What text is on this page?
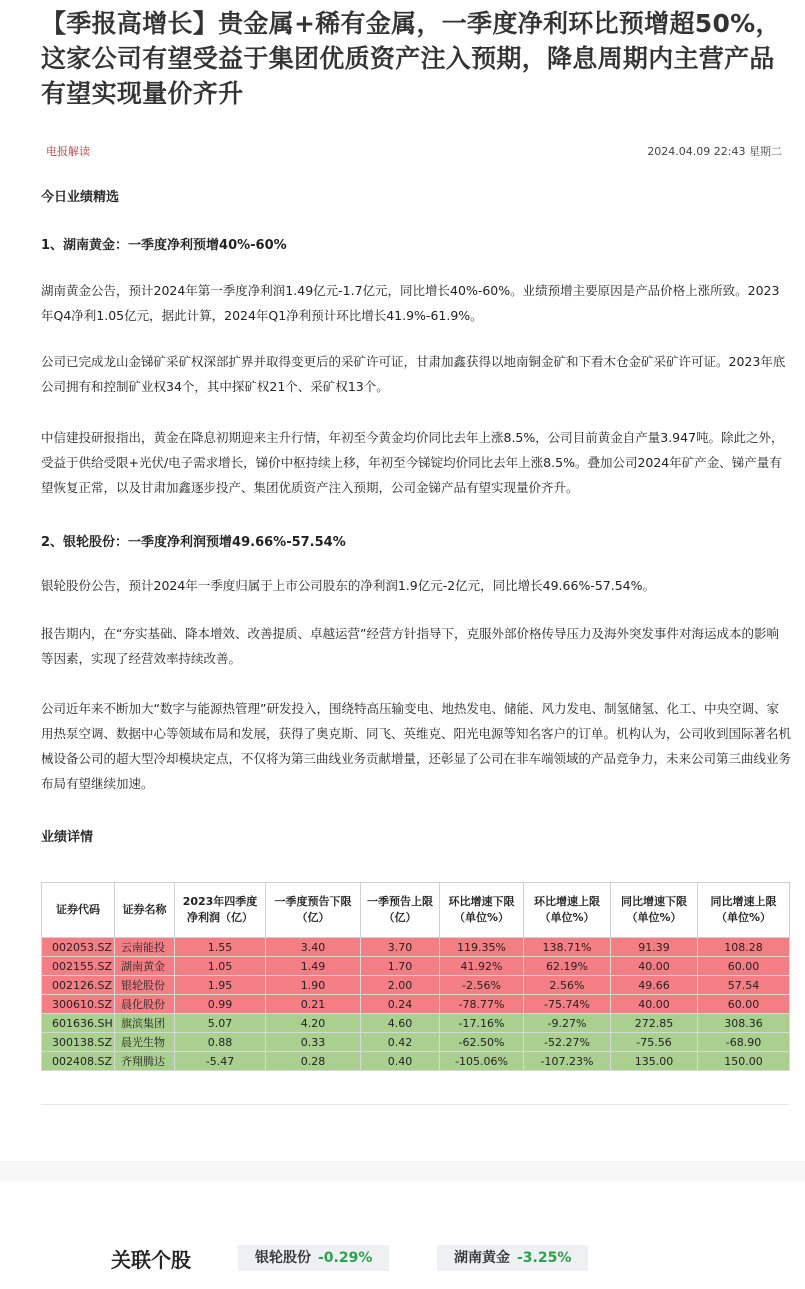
【季报高增长】贵金属+稀有金属，一季度净利环比预增超50%，这家公司有望受益于集团优质资产注入预期，降息周期内主营产品有望实现量价齐升
电报解读	2024.04.09 22:43 星期二
今日业绩精选
1、湖南黄金：一季度净利预增40%-60%
湖南黄金公告，预计2024年第一季度净利润1.49亿元-1.7亿元，同比增长40%-60%。业绩预增主要原因是产品价格上涨所致。2023年Q4净利1.05亿元，据此计算，2024年Q1净利预计环比增长41.9%-61.9%。
公司已完成龙山金锑矿采矿权深部扩界并取得变更后的采矿许可证，甘肃加鑫获得以地南铜金矿和下看木仓金矿采矿许可证。2023年底公司拥有和控制矿业权34个，其中探矿权21个、采矿权13个。
中信建投研报指出，黄金在降息初期迎来主升行情，年初至今黄金均价同比去年上涨8.5%，公司目前黄金自产量3.947吨。除此之外，受益于供给受限+光伏/电子需求增长，锑价中枢持续上移，年初至今锑锭均价同比去年上涨8.5%。叠加公司2024年矿产金、锑产量有望恢复正常，以及甘肃加鑫逐步投产、集团优质资产注入预期，公司金锑产品有望实现量价齐升。
2、银轮股份：一季度净利润预增49.66%-57.54%
银轮股份公告，预计2024年一季度归属于上市公司股东的净利润1.9亿元-2亿元，同比增长49.66%-57.54%。
报告期内，在“夯实基础、降本增效、改善提质、卓越运营”经营方针指导下，克服外部价格传导压力及海外突发事件对海运成本的影响等因素，实现了经营效率持续改善。
公司近年来不断加大“数字与能源热管理”研发投入，围绕特高压输变电、地热发电、储能、风力发电、制氢储氢、化工、中央空调、家用热泵空调、数据中心等领域布局和发展，获得了奥克斯、同飞、英维克、阳光电源等知名客户的订单。机构认为，公司收到国际著名机械设备公司的超大型冷却模块定点，不仅将为第三曲线业务贡献增量，还彰显了公司在非车端领域的产品竞争力，未来公司第三曲线业务布局有望继续加速。
业绩详情
证券代码	证券名称	2023年四季度净利润（亿）	一季度预告下限（亿）	一季预告上限（亿）	环比增速下限（单位%）	环比增速上限（单位%）	同比增速下限（单位%）	同比增速上限（单位%）
002053.SZ	云南能投	1.55	3.40	3.70	119.35%	138.71%	91.39	108.28
002155.SZ	湖南黄金	1.05	1.49	1.70	41.92%	62.19%	40.00	60.00
002126.SZ	银轮股份	1.95	1.90	2.00	-2.56%	2.56%	49.66	57.54
300610.SZ	晨化股份	0.99	0.21	0.24	-78.77%	-75.74%	40.00	60.00
601636.SH	旗滨集团	5.07	4.20	4.60	-17.16%	-9.27%	272.85	308.36
300138.SZ	晨光生物	0.88	0.33	0.42	-62.50%	-52.27%	-75.56	-68.90
002408.SZ	齐翔腾达	-5.47	0.28	0.40	-105.06%	-107.23%	135.00	150.00
关联个股	银轮股份 -0.29%	湖南黄金 -3.25%
